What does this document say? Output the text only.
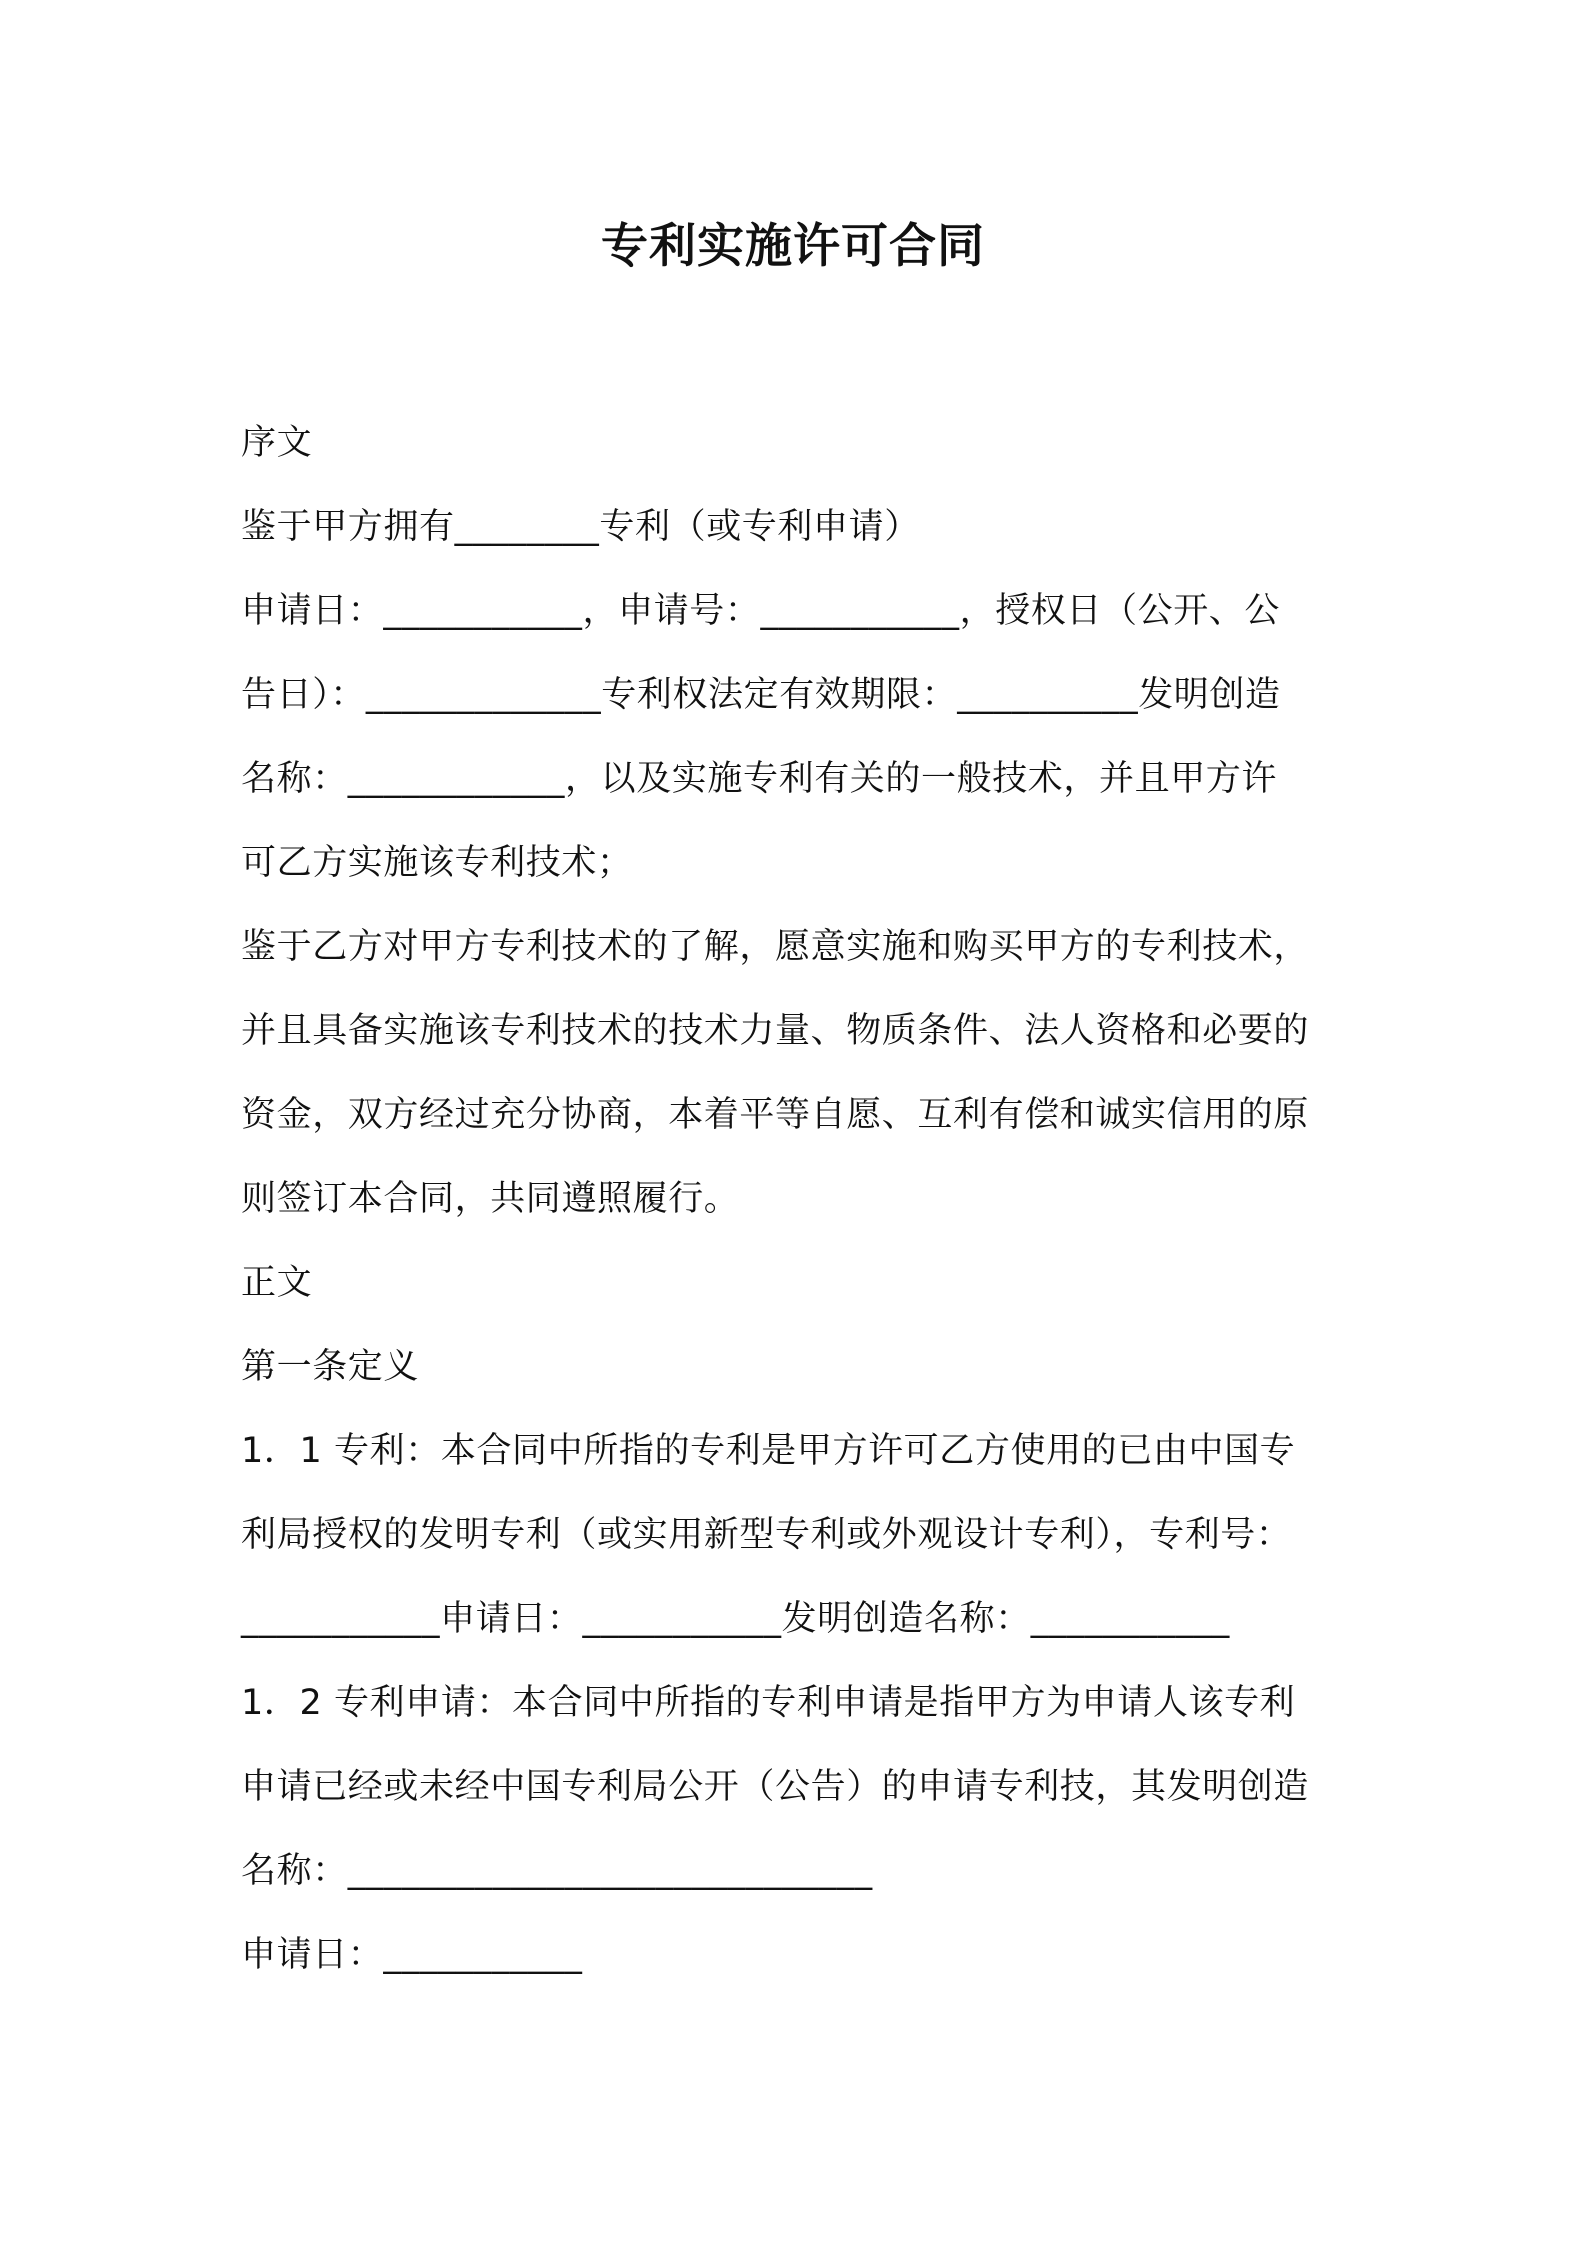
专利实施许可合同
序文
鉴于甲方拥有________专利（或专利申请）
申请日：___________，申请号：___________，授权日（公开、公
告日）：_____________专利权法定有效期限：__________发明创造
名称：____________，以及实施专利有关的一般技术，并且甲方许
可乙方实施该专利技术；
鉴于乙方对甲方专利技术的了解，愿意实施和购买甲方的专利技术，
并且具备实施该专利技术的技术力量、物质条件、法人资格和必要的
资金，双方经过充分协商，本着平等自愿、互利有偿和诚实信用的原
则签订本合同，共同遵照履行。
正文
第一条定义
1．1 专利：本合同中所指的专利是甲方许可乙方使用的已由中国专
利局授权的发明专利（或实用新型专利或外观设计专利），专利号：
___________申请日：___________发明创造名称：___________
1．2 专利申请：本合同中所指的专利申请是指甲方为申请人该专利
申请已经或未经中国专利局公开（公告）的申请专利技，其发明创造
名称：_____________________________
申请日：___________
